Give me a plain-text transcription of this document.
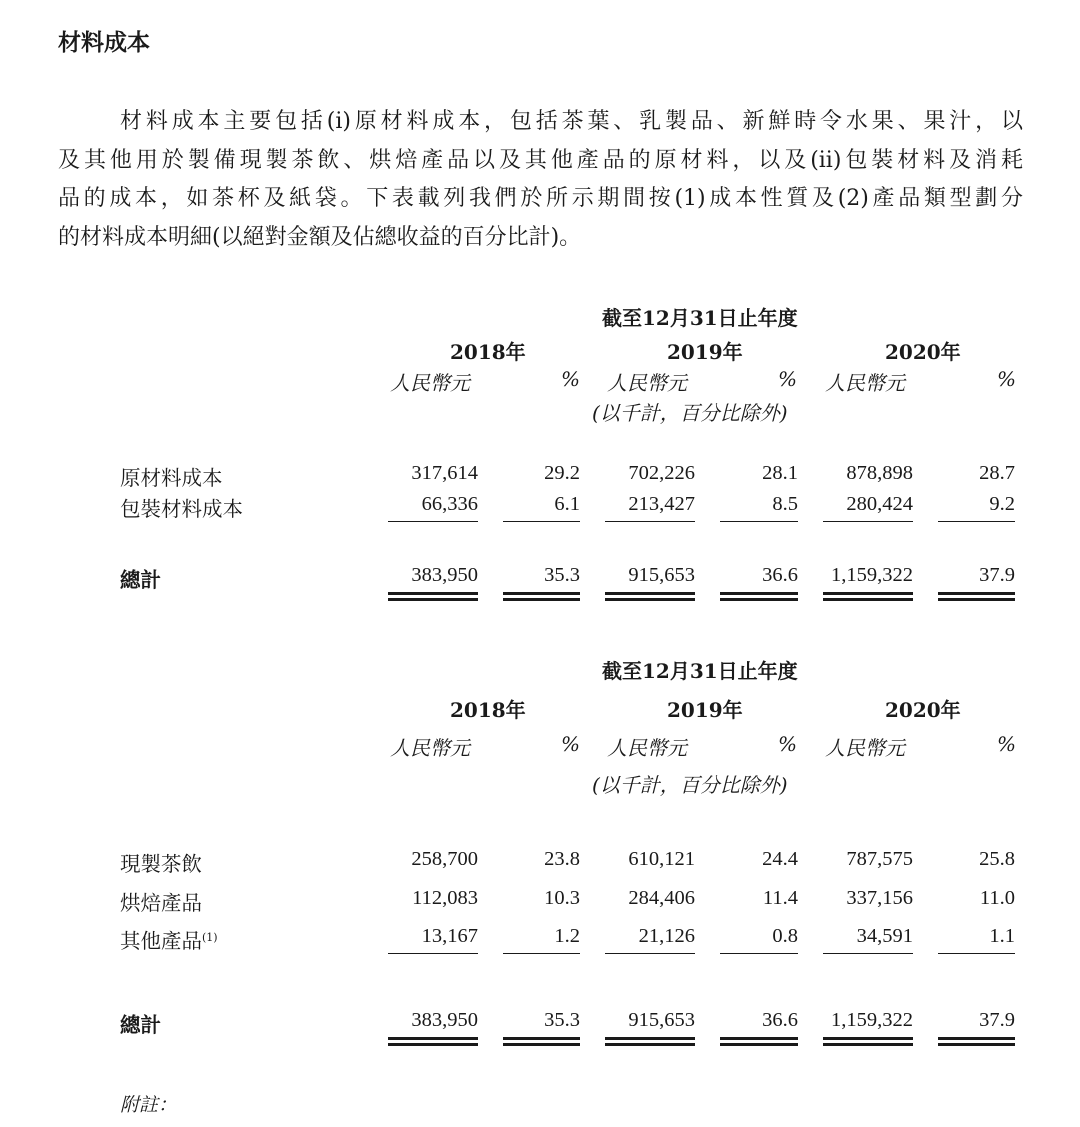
材料成本
材料成本主要包括(i)原材料成本，包括茶葉、乳製品、新鮮時令水果、果汁，以
及其他用於製備現製茶飲、烘焙產品以及其他產品的原材料，以及(ii)包裝材料及消耗
品的成本，如茶杯及紙袋。下表載列我們於所示期間按(1)成本性質及(2)產品類型劃分
的材料成本明細(以絕對金額及佔總收益的百分比計)。
截至12月31日止年度
2018年	2019年	2020年
人民幣元	% 人民幣元	% 人民幣元	%
(以千計，百分比除外)
原材料成本	317,614	29.2 702,226	28.1 878,898	28.7
包裝材料成本	66,336	6.1 213,427	8.5 280,424	9.2
總計	383,950	35.3 915,653	36.6 1,159,322	37.9
截至12月31日止年度
2018年	2019年	2020年
人民幣元	% 人民幣元	% 人民幣元	%
(以千計，百分比除外)
現製茶飲	258,700	23.8 610,121	24.4 787,575	25.8
烘焙產品	112,083	10.3 284,406	11.4 337,156	11.0
其他產品$^{(1)}$	13,167	1.2	21,126	0.8	34,591	1.1
總計	383,950	35.3 915,653	36.6 1,159,322	37.9
附註：
